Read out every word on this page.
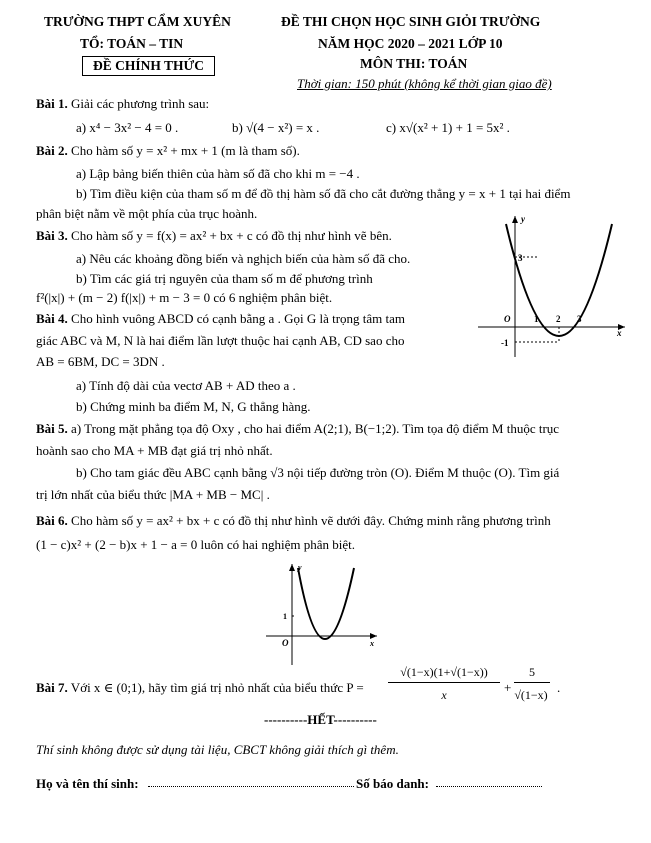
TRƯỜNG THPT CẨM XUYÊN
TỔ: TOÁN – TIN
ĐỀ CHÍNH THỨC
ĐỀ THI CHỌN HỌC SINH GIỎI TRƯỜNG
NĂM HỌC 2020 – 2021 LỚP 10
MÔN THI: TOÁN
Thời gian: 150 phút (không kể thời gian giao đề)
Bài 1. Giải các phương trình sau:
a) x⁴ − 3x² − 4 = 0 .	b) √(4 − x²) = x .	c) x√(x² + 1) + 1 = 5x² .
Bài 2. Cho hàm số y = x² + mx + 1 (m là tham số).
a) Lập bảng biến thiên của hàm số đã cho khi m = −4 .
b) Tìm điều kiện của tham số m để đồ thị hàm số đã cho cắt đường thẳng y = x + 1 tại hai điểm
phân biệt nằm về một phía của trục hoành.
Bài 3. Cho hàm số y = f(x) = ax² + bx + c có đồ thị như hình vẽ bên.
a) Nêu các khoảng đồng biến và nghịch biến của hàm số đã cho.
b) Tìm các giá trị nguyên của tham số m để phương trình
f²(|x|) + (m − 2) f(|x|) + m − 3 = 0 có 6 nghiệm phân biệt.
Bài 4. Cho hình vuông ABCD có cạnh bằng a . Gọi G là trọng tâm tam
giác ABC và M, N là hai điểm lần lượt thuộc hai cạnh AB, CD sao cho
AB = 6BM, DC = 3DN .
a) Tính độ dài của vectơ AB + AD theo a .
b) Chứng minh ba điểm M, N, G thẳng hàng.
y
x
O	1 2 3
3
-1
Bài 5. a) Trong mặt phẳng tọa độ Oxy , cho hai điểm A(2;1), B(−1;2). Tìm tọa độ điểm M thuộc trục
hoành sao cho MA + MB đạt giá trị nhỏ nhất.
b) Cho tam giác đều ABC cạnh bằng √3 nội tiếp đường tròn (O). Điểm M thuộc (O). Tìm giá
trị lớn nhất của biểu thức |MA + MB − MC| .
Bài 6. Cho hàm số y = ax² + bx + c có đồ thị như hình vẽ dưới đây. Chứng minh rằng phương trình
(1 − c)x² + (2 − b)x + 1 − a = 0 luôn có hai nghiệm phân biệt.
y
x
O
1
Bài 7. Với x ∈ (0;1), hãy tìm giá trị nhỏ nhất của biểu thức P =
√(1−x)(1+√(1−x))
x	+
5
√(1−x) .
----------HẾT----------
Thí sinh không được sử dụng tài liệu, CBCT không giải thích gì thêm.
Họ và tên thí sinh:	Số báo danh:
